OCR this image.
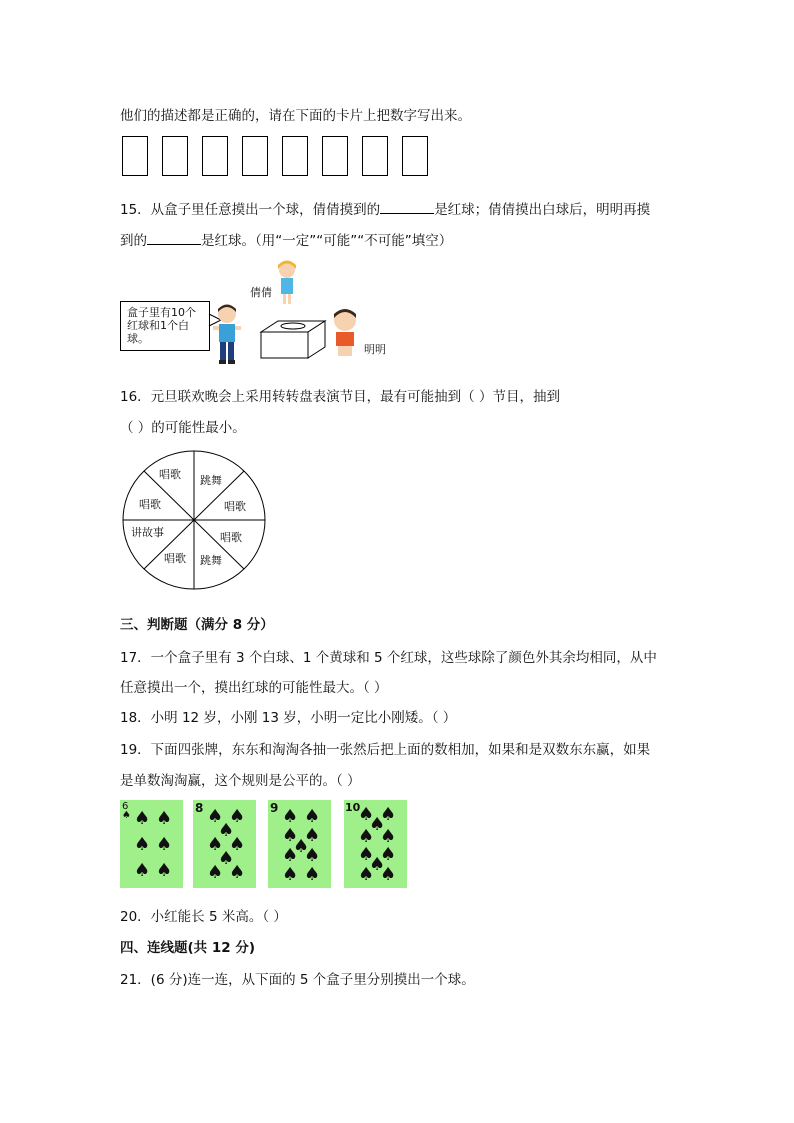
他们的描述都是正确的，请在下面的卡片上把数字写出来。
15．从盒子里任意摸出一个球，倩倩摸到的	是红球；倩倩摸出白球后，明明再摸
到的	是红球。（用“一定”“可能”“不可能”填空）
盒子里有10个红球和1个白球。
倩倩
明明
16．元旦联欢晚会上采用转转盘表演节目，最有可能抽到（ ）节目，抽到
（ ）的可能性最小。
唱歌 跳舞
唱歌
唱歌
跳舞
唱歌
讲故事
唱歌
三、判断题（满分 8 分）
17．一个盒子里有 3 个白球、1 个黄球和 5 个红球，这些球除了颜色外其余均相同，从中
任意摸出一个，摸出红球的可能性最大。（ ）
18．小明 12 岁，小刚 13 岁，小明一定比小刚矮。（ ）
19．下面四张牌，东东和淘淘各抽一张然后把上面的数相加，如果和是双数东东赢，如果
是单数淘淘赢，这个规则是公平的。（ ）
6
♠ ♠ ♠
♠ ♠
♠ ♠
8 ♠ ♠
♠
♠ ♠
♠
♠ ♠
9 ♠ ♠
♠ ♠
♠
♠ ♠
♠ ♠
10
♠ ♠
♠
♠ ♠
♠ ♠
♠
♠ ♠
20．小红能长 5 米高。（ ）
四、连线题(共 12 分)
21．(6 分)连一连，从下面的 5 个盒子里分别摸出一个球。
